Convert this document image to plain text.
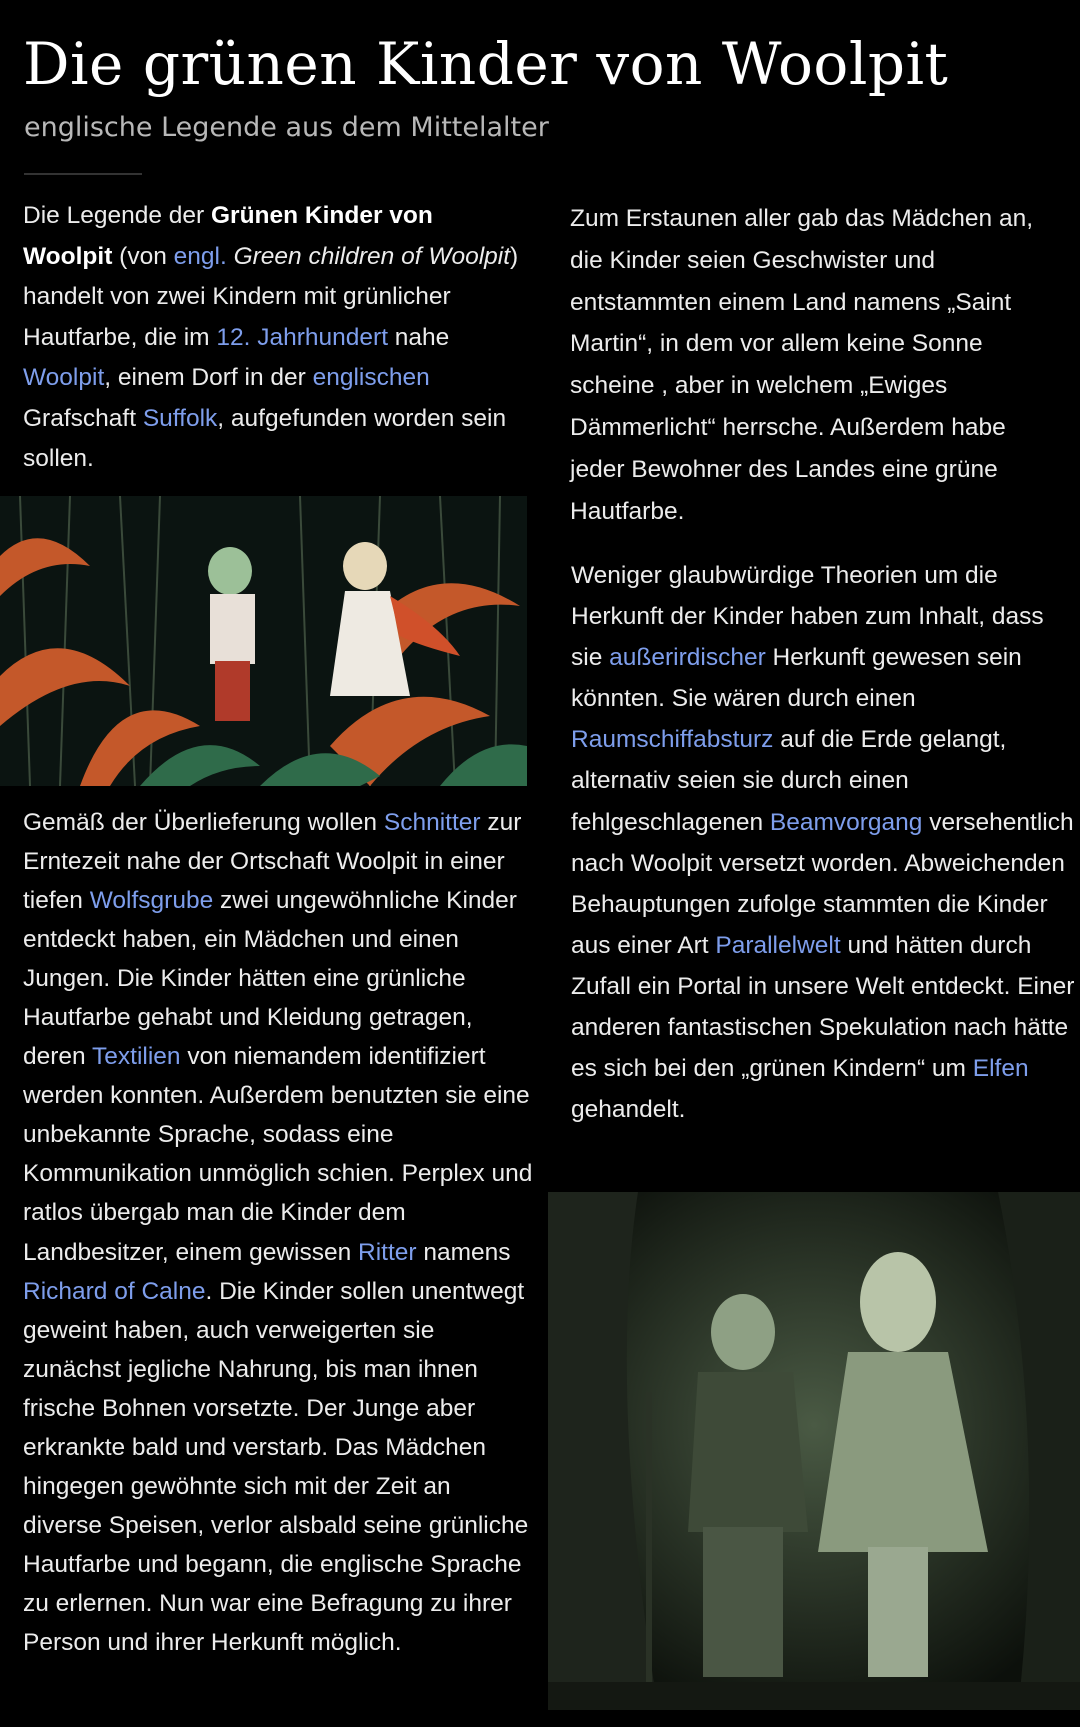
Die grünen Kinder von Woolpit
englische Legende aus dem Mittelalter

Die Legende der Grünen Kinder von Woolpit (von engl. Green children of Woolpit) handelt von zwei Kindern mit grünlicher Hautfarbe, die im 12. Jahrhundert nahe Woolpit, einem Dorf in der englischen Grafschaft Suffolk, aufgefunden worden sein sollen.

Gemäß der Überlieferung wollen Schnitter zur Erntezeit nahe der Ortschaft Woolpit in einer tiefen Wolfsgrube zwei ungewöhnliche Kinder entdeckt haben, ein Mädchen und einen Jungen. Die Kinder hätten eine grünliche Hautfarbe gehabt und Kleidung getragen, deren Textilien von niemandem identifiziert werden konnten. Außerdem benutzten sie eine unbekannte Sprache, sodass eine Kommunikation unmöglich schien. Perplex und ratlos übergab man die Kinder dem Landbesitzer, einem gewissen Ritter namens Richard of Calne. Die Kinder sollen unentwegt geweint haben, auch verweigerten sie zunächst jegliche Nahrung, bis man ihnen frische Bohnen vorsetzte. Der Junge aber erkrankte bald und verstarb. Das Mädchen hingegen gewöhnte sich mit der Zeit an diverse Speisen, verlor alsbald seine grünliche Hautfarbe und begann, die englische Sprache zu erlernen. Nun war eine Befragung zu ihrer Person und ihrer Herkunft möglich.

Zum Erstaunen aller gab das Mädchen an, die Kinder seien Geschwister und entstammten einem Land namens „Saint Martin“, in dem vor allem keine Sonne scheine , aber in welchem „Ewiges Dämmerlicht“ herrsche. Außerdem habe jeder Bewohner des Landes eine grüne Hautfarbe.

Weniger glaubwürdige Theorien um die Herkunft der Kinder haben zum Inhalt, dass sie außerirdischer Herkunft gewesen sein könnten. Sie wären durch einen Raumschiffabsturz auf die Erde gelangt, alternativ seien sie durch einen fehlgeschlagenen Beamvorgang versehentlich nach Woolpit versetzt worden. Abweichenden Behauptungen zufolge stammten die Kinder aus einer Art Parallelwelt und hätten durch Zufall ein Portal in unsere Welt entdeckt. Einer anderen fantastischen Spekulation nach hätte es sich bei den „grünen Kindern“ um Elfen gehandelt.
